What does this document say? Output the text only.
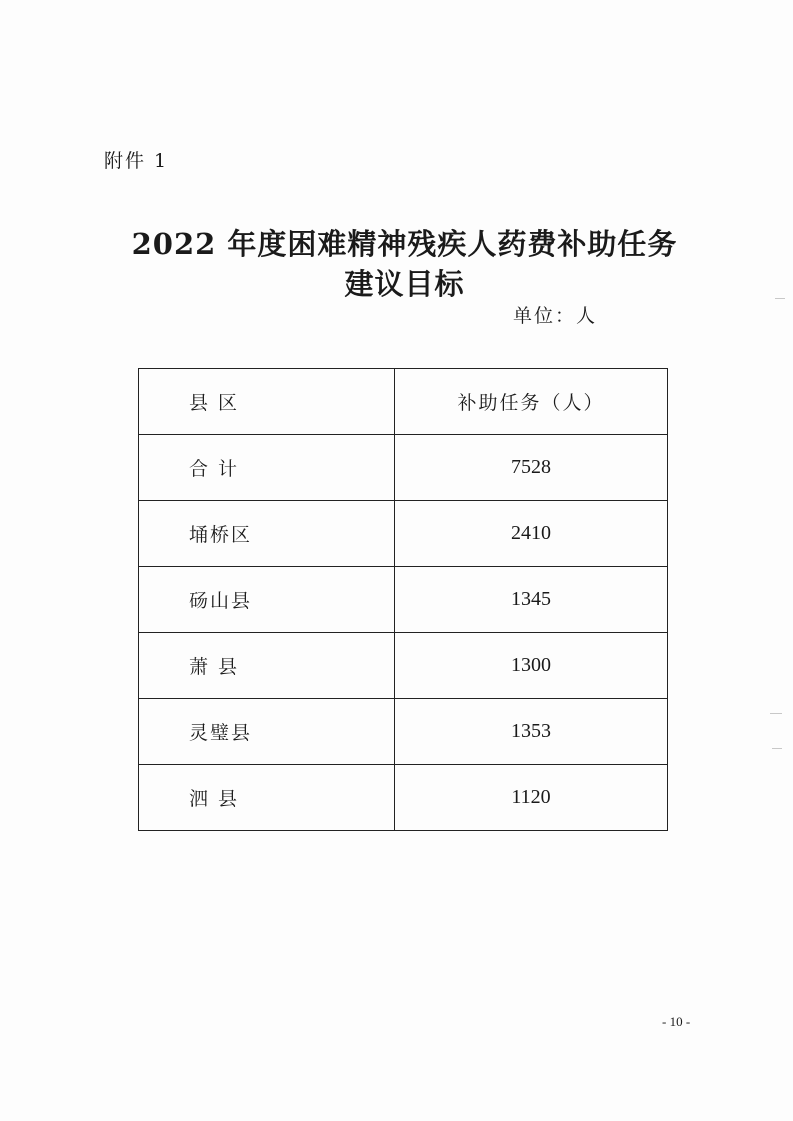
附件 1
2022 年度困难精神残疾人药费补助任务
建议目标
单位：人
县 区	补助任务（人）
合 计	7528
埇桥区	2410
砀山县	1345
萧 县	1300
灵璧县	1353
泗 县	1120
- 10 -
